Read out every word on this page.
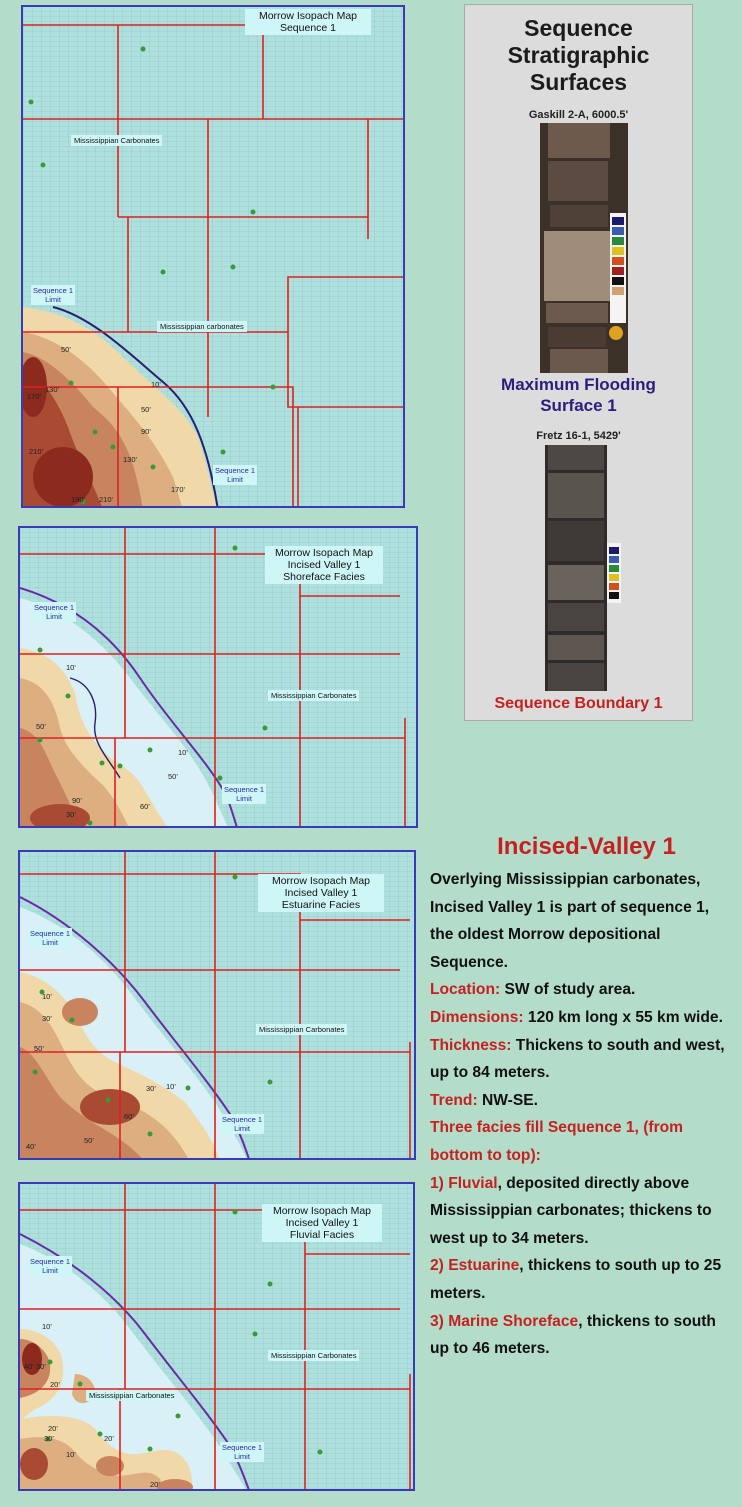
Morrow Isopach Map
Sequence 1
Mississippian Carbonates
Mississippian carbonates
Sequence 1
Limit
Sequence 1
Limit
50'
130'
170'
10'
50'
90'
130'
170'
210'
210'
190'
Morrow Isopach Map
Incised Valley 1
Shoreface Facies
Mississippian Carbonates
Sequence 1
Limit
Sequence 1
Limit
10'
50'
10'
50'
90'
30'
60'
Morrow Isopach Map
Incised Valley 1
Estuarine Facies
Mississippian Carbonates
Sequence 1
Limit
Sequence 1
Limit
10'
30'
50'
30' 10'
60'
50'
40'
Morrow Isopach Map
Incised Valley 1
Fluvial Facies
Mississippian Carbonates
Mississippian Carbonates
Sequence 1
Limit
Sequence 1
Limit
10'
40' 30'
20'
20'
30'	20'
10'
20'
Sequence
Stratigraphic
Surfaces
Gaskill 2-A, 6000.5'
Maximum Flooding
Surface 1
Fretz 16-1, 5429'
Sequence Boundary 1
Incised-Valley 1

Overlying Mississippian carbonates, Incised Valley 1 is part of sequence 1, the oldest Morrow depositional Sequence.

Location: SW of study area.

Dimensions: 120 km long x 55 km wide.

Thickness: Thickens to south and west, up to 84 meters.

Trend: NW-SE.

Three facies fill Sequence 1, (from bottom to top):

1) Fluvial, deposited directly above Mississippian carbonates; thickens to west up to 34 meters.

2) Estuarine, thickens to south up to 25 meters.

3) Marine Shoreface, thickens to south up to 46 meters.
